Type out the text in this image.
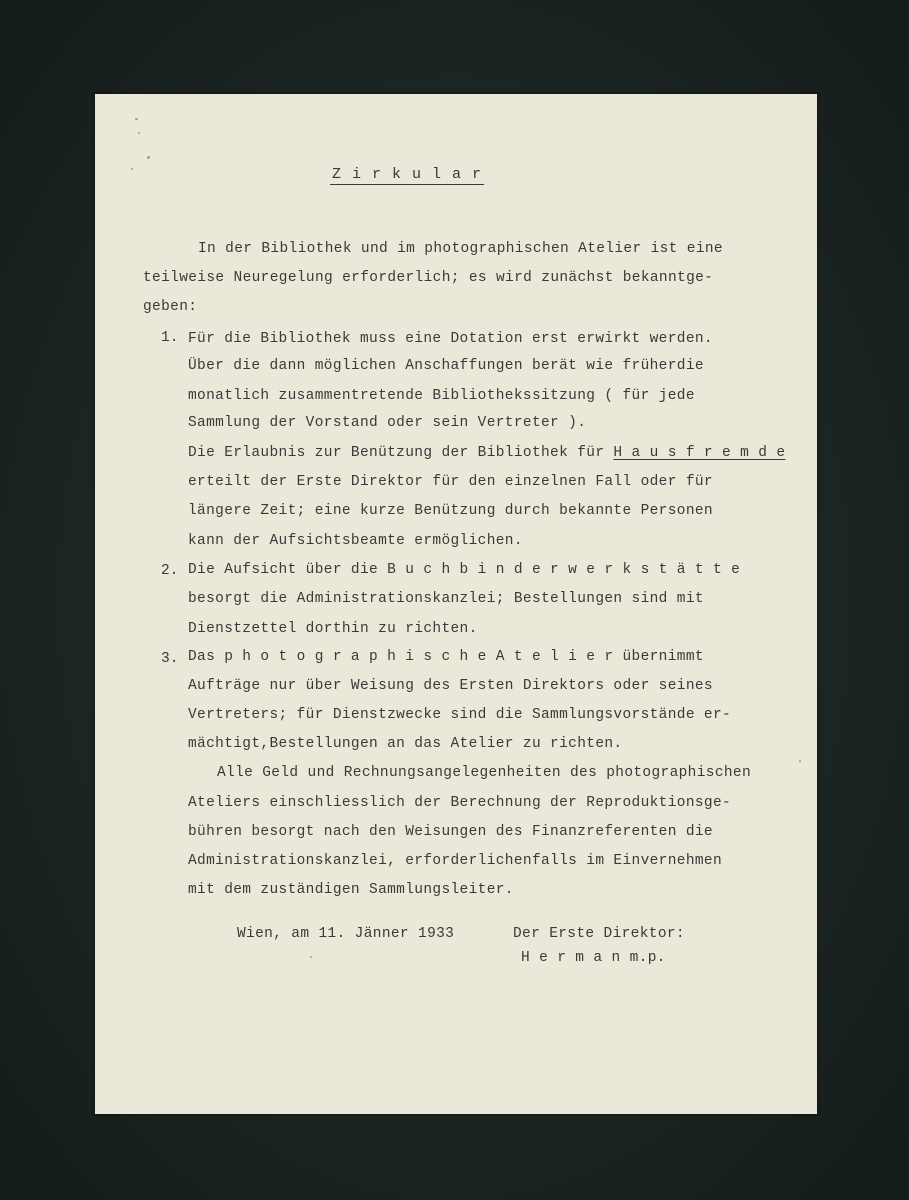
Z i r k u l a r
In der Bibliothek und im photographischen Atelier ist eine
teilweise Neuregelung erforderlich; es wird zunächst bekanntge-
geben:
1. Für die Bibliothek muss eine Dotation erst erwirkt werden.
Über die dann möglichen Anschaffungen berät wie früherdie
monatlich zusammentretende Bibliothekssitzung ( für jede
Sammlung der Vorstand oder sein Vertreter ).
Die Erlaubnis zur Benützung der Bibliothek für H a u s f r e m d e
erteilt der Erste Direktor für den einzelnen Fall oder für
längere Zeit; eine kurze Benützung durch bekannte Personen
kann der Aufsichtsbeamte ermöglichen.
2. Die Aufsicht über die B u c h b i n d e r w e r k s t ä t t e
besorgt die Administrationskanzlei; Bestellungen sind mit
Dienstzettel dorthin zu richten.
3. Das p h o t o g r a p h i s c h e A t e l i e r übernimmt
Aufträge nur über Weisung des Ersten Direktors oder seines
Vertreters; für Dienstzwecke sind die Sammlungsvorstände er-
mächtigt,Bestellungen an das Atelier zu richten.
Alle Geld und Rechnungsangelegenheiten des photographischen
Ateliers einschliesslich der Berechnung der Reproduktionsge-
bühren besorgt nach den Weisungen des Finanzreferenten die
Administrationskanzlei, erforderlichenfalls im Einvernehmen
mit dem zuständigen Sammlungsleiter.
Wien, am 11. Jänner 1933	Der Erste Direktor:
H e r m a n m.p.
